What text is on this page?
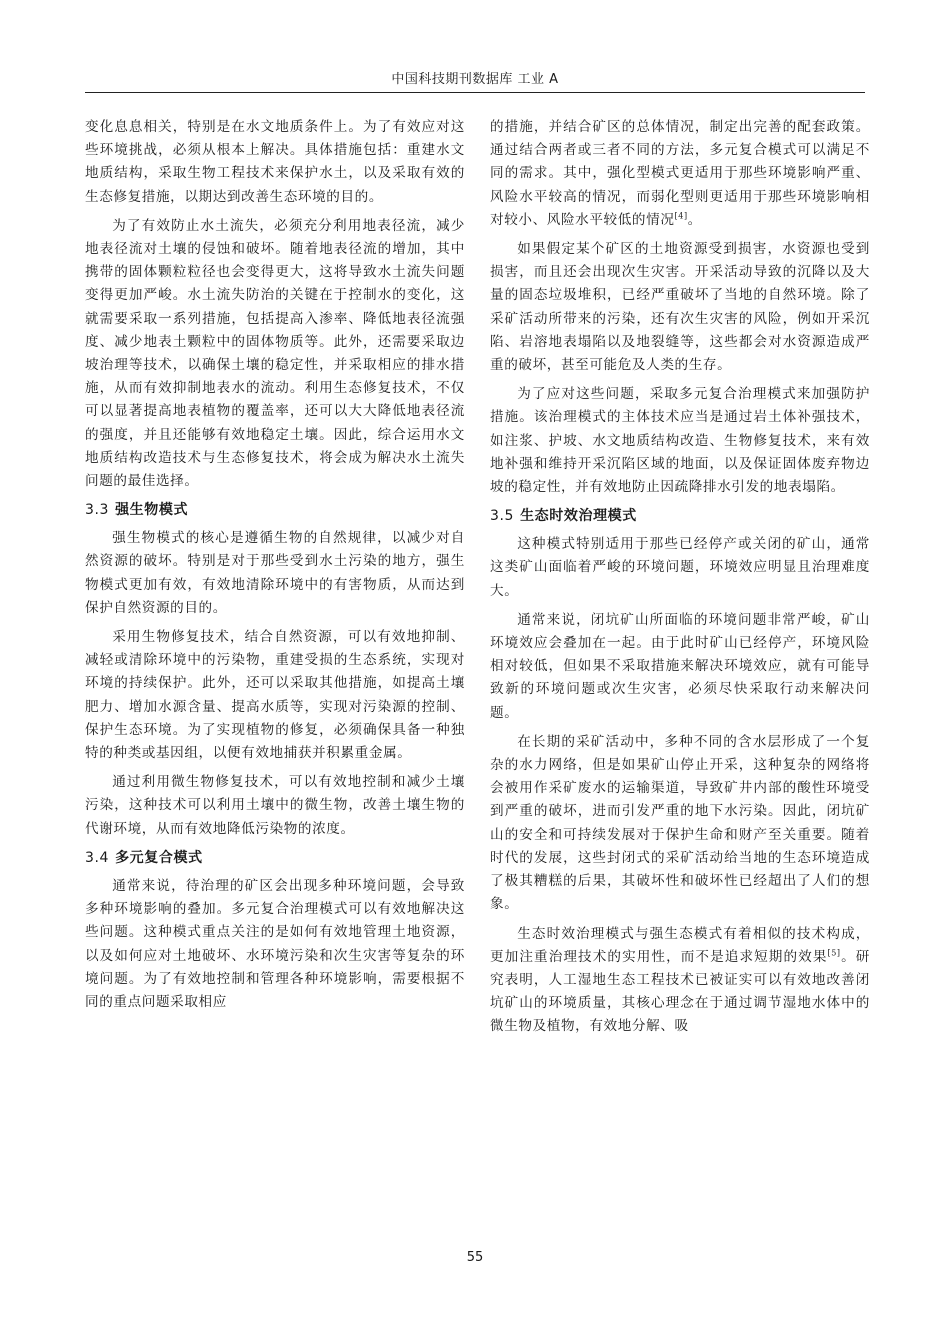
中国科技期刊数据库 工业 A

变化息息相关，特别是在水文地质条件上。为了有效应对这些环境挑战，必须从根本上解决。具体措施包括：重建水文地质结构，采取生物工程技术来保护水土，以及采取有效的生态修复措施，以期达到改善生态环境的目的。

为了有效防止水土流失，必须充分利用地表径流，减少地表径流对土壤的侵蚀和破坏。随着地表径流的增加，其中携带的固体颗粒粒径也会变得更大，这将导致水土流失问题变得更加严峻。水土流失防治的关键在于控制水的变化，这就需要采取一系列措施，包括提高入渗率、降低地表径流强度、减少地表土颗粒中的固体物质等。此外，还需要采取边坡治理等技术，以确保土壤的稳定性，并采取相应的排水措施，从而有效抑制地表水的流动。利用生态修复技术，不仅可以显著提高地表植物的覆盖率，还可以大大降低地表径流的强度，并且还能够有效地稳定土壤。因此，综合运用水文地质结构改造技术与生态修复技术，将会成为解决水土流失问题的最佳选择。

3.3 强生物模式

强生物模式的核心是遵循生物的自然规律，以减少对自然资源的破坏。特别是对于那些受到水土污染的地方，强生物模式更加有效，有效地清除环境中的有害物质，从而达到保护自然资源的目的。

采用生物修复技术，结合自然资源，可以有效地抑制、减轻或清除环境中的污染物，重建受损的生态系统，实现对环境的持续保护。此外，还可以采取其他措施，如提高土壤肥力、增加水源含量、提高水质等，实现对污染源的控制、保护生态环境。为了实现植物的修复，必须确保具备一种独特的种类或基因组，以便有效地捕获并积累重金属。

通过利用微生物修复技术，可以有效地控制和减少土壤污染，这种技术可以利用土壤中的微生物，改善土壤生物的代谢环境，从而有效地降低污染物的浓度。

3.4 多元复合模式

通常来说，待治理的矿区会出现多种环境问题，会导致多种环境影响的叠加。多元复合治理模式可以有效地解决这些问题。这种模式重点关注的是如何有效地管理土地资源，以及如何应对土地破坏、水环境污染和次生灾害等复杂的环境问题。为了有效地控制和管理各种环境影响，需要根据不同的重点问题采取相应

的措施，并结合矿区的总体情况，制定出完善的配套政策。通过结合两者或三者不同的方法，多元复合模式可以满足不同的需求。其中，强化型模式更适用于那些环境影响严重、风险水平较高的情况，而弱化型则更适用于那些环境影响相对较小、风险水平较低的情况[4]。

如果假定某个矿区的土地资源受到损害，水资源也受到损害，而且还会出现次生灾害。开采活动导致的沉降以及大量的固态垃圾堆积，已经严重破坏了当地的自然环境。除了采矿活动所带来的污染，还有次生灾害的风险，例如开采沉陷、岩溶地表塌陷以及地裂缝等，这些都会对水资源造成严重的破坏，甚至可能危及人类的生存。

为了应对这些问题，采取多元复合治理模式来加强防护措施。该治理模式的主体技术应当是通过岩土体补强技术，如注浆、护坡、水文地质结构改造、生物修复技术，来有效地补强和维持开采沉陷区域的地面，以及保证固体废弃物边坡的稳定性，并有效地防止因疏降排水引发的地表塌陷。

3.5 生态时效治理模式

这种模式特别适用于那些已经停产或关闭的矿山，通常这类矿山面临着严峻的环境问题，环境效应明显且治理难度大。

通常来说，闭坑矿山所面临的环境问题非常严峻，矿山环境效应会叠加在一起。由于此时矿山已经停产，环境风险相对较低，但如果不采取措施来解决环境效应，就有可能导致新的环境问题或次生灾害，必须尽快采取行动来解决问题。

在长期的采矿活动中，多种不同的含水层形成了一个复杂的水力网络，但是如果矿山停止开采，这种复杂的网络将会被用作采矿废水的运输渠道，导致矿井内部的酸性环境受到严重的破坏，进而引发严重的地下水污染。因此，闭坑矿山的安全和可持续发展对于保护生命和财产至关重要。随着时代的发展，这些封闭式的采矿活动给当地的生态环境造成了极其糟糕的后果，其破坏性和破坏性已经超出了人们的想象。

生态时效治理模式与强生态模式有着相似的技术构成，更加注重治理技术的实用性，而不是追求短期的效果[5]。研究表明，人工湿地生态工程技术已被证实可以有效地改善闭坑矿山的环境质量，其核心理念在于通过调节湿地水体中的微生物及植物，有效地分解、吸

55
